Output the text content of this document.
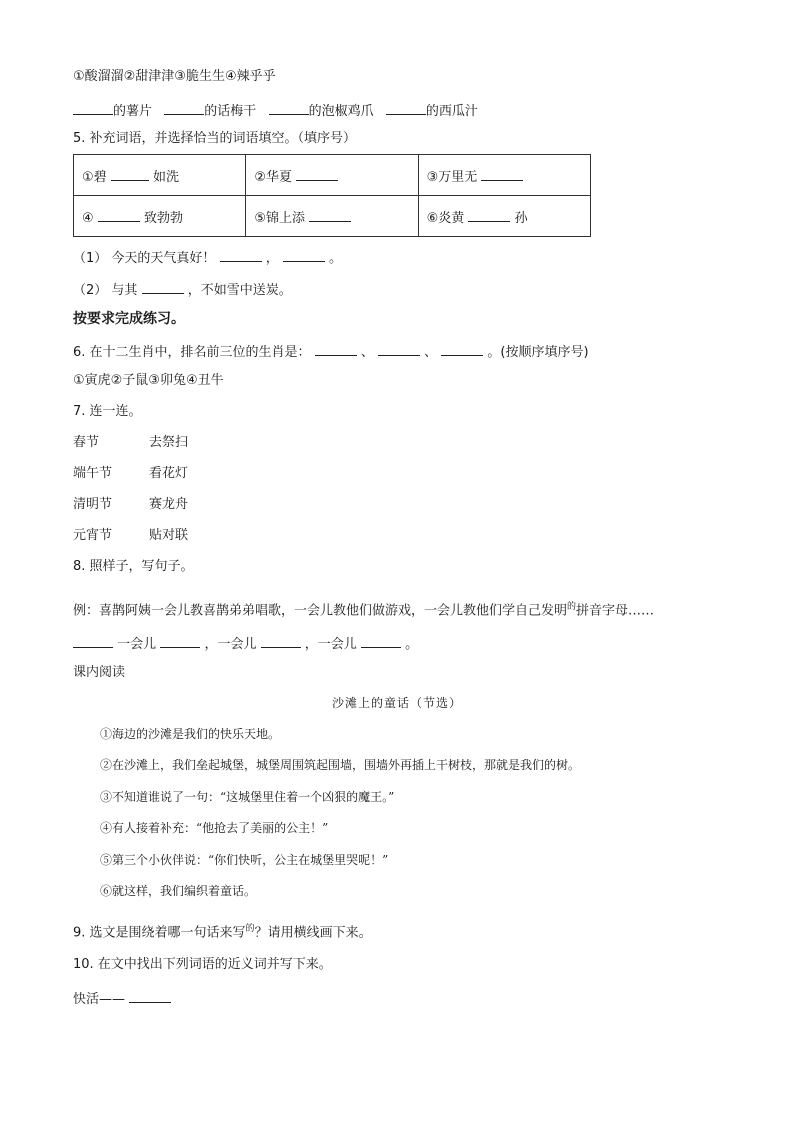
①酸溜溜②甜津津③脆生生④辣乎乎
的薯片	的话梅干	的泡椒鸡爪	的西瓜汁
5. 补充词语，并选择恰当的词语填空。（填序号）
①碧 如洗	②华夏	③万里无
④ 致勃勃	⑤锦上添	⑥炎黄 孙
（1） 今天的天气真好！	，	。
（2） 与其	，不如雪中送炭。
按要求完成练习。
6. 在十二生肖中，排名前三位的生肖是：	、	、	。(按顺序填序号)
①寅虎②子鼠③卯兔④丑牛
7. 连一连。
春节	去祭扫
端午节	看花灯
清明节	赛龙舟
元宵节	贴对联
8. 照样子，写句子。
例：喜鹊阿姨一会儿教喜鹊弟弟唱歌，一会儿教他们做游戏，一会儿教他们学自己发明$^的$拼音字母……
一会儿	，一会儿	，一会儿	。
课内阅读
沙滩上的童话（节选）
①海边的沙滩是我们的快乐天地。
②在沙滩上，我们垒起城堡，城堡周围筑起围墙，围墙外再插上干树枝，那就是我们的树。
③不知道谁说了一句：“这城堡里住着一个凶狠的魔王。”
④有人接着补充：“他抢去了美丽的公主！”
⑤第三个小伙伴说：“你们快听，公主在城堡里哭呢！”
⑥就这样，我们编织着童话。
9. 选文是围绕着哪一句话来写$^的$？请用横线画下来。
10. 在文中找出下列词语的近义词并写下来。
快活——
